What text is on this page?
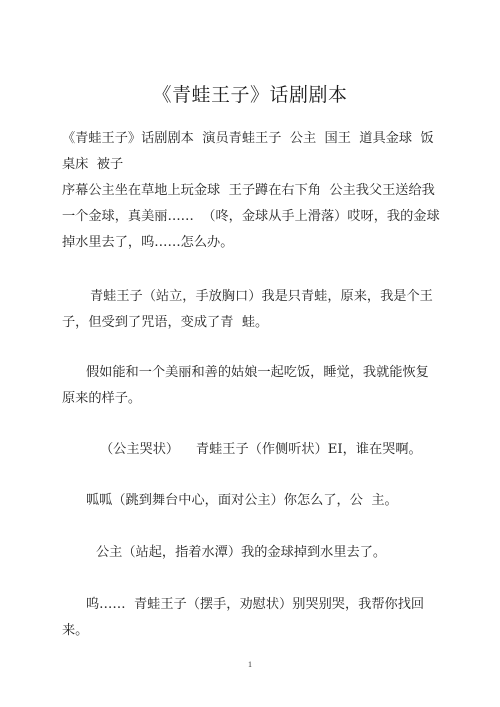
《青蛙王子》话剧剧本

《青蛙王子》话剧剧本  演员青蛙王子  公主  国王  道具金球  饭桌床  被子

序幕公主坐在草地上玩金球  王子蹲在右下角  公主我父王送给我一个金球，真美丽……  （咚，金球从手上滑落）哎呀，我的金球掉水里去了，呜……怎么办。

青蛙王子（站立，手放胸口）我是只青蛙，原来，我是个王子，但受到了咒语，变成了青  蛙。

假如能和一个美丽和善的姑娘一起吃饭，睡觉，我就能恢复原来的样子。

（公主哭状）    青蛙王子（作侧听状）EI，谁在哭啊。

呱呱（跳到舞台中心，面对公主）你怎么了，公  主。

公主（站起，指着水潭）我的金球掉到水里去了。

呜……  青蛙王子（摆手，劝慰状）别哭别哭，我帮你找回来。

1
